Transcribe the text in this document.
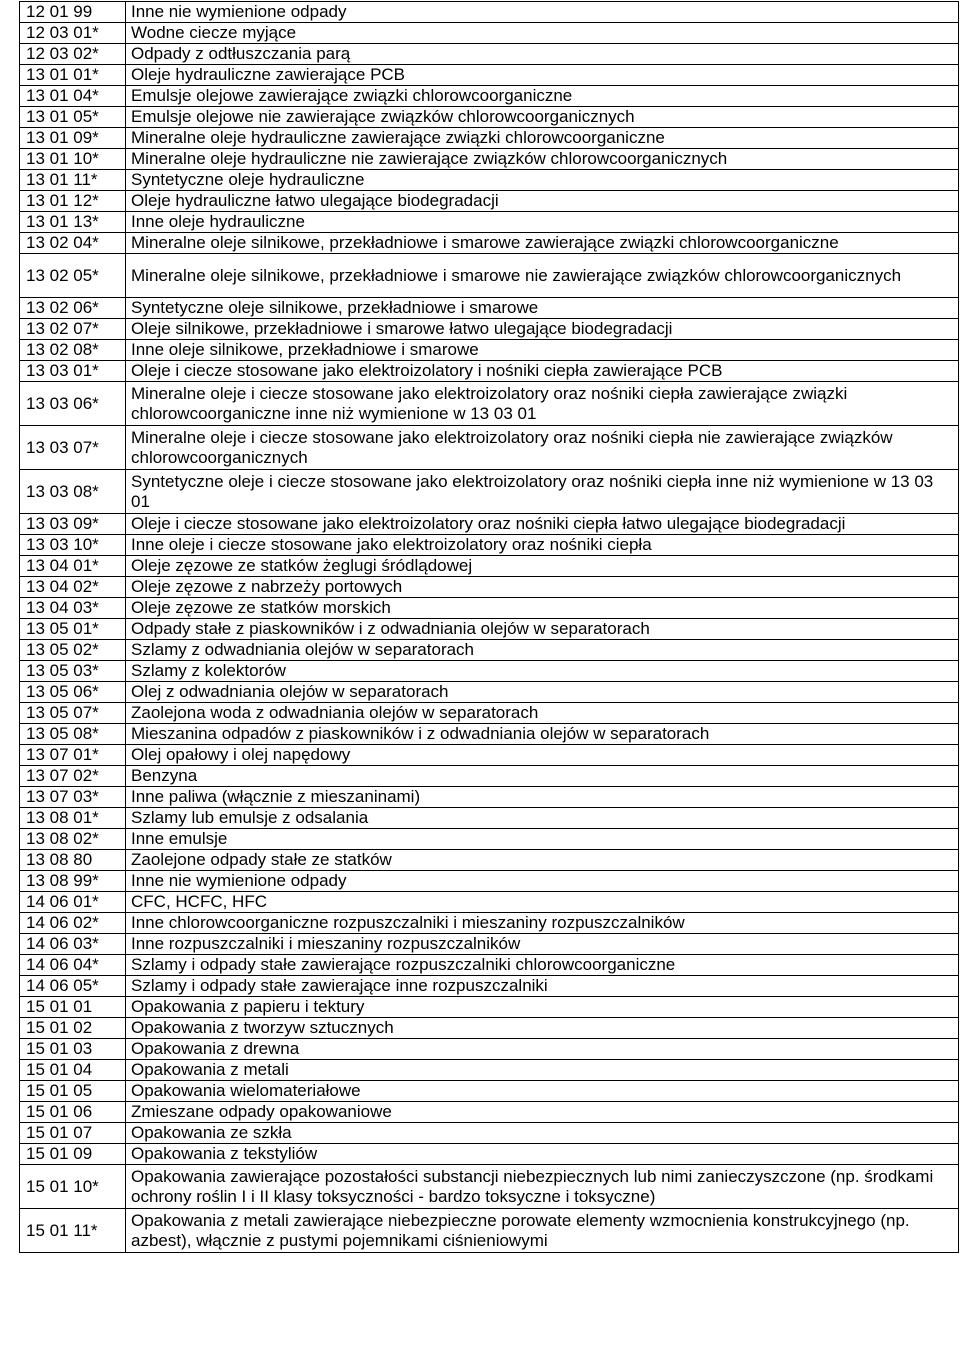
12 01 99	Inne nie wymienione odpady
12 03 01*	Wodne ciecze myjące
12 03 02*	Odpady z odtłuszczania parą
13 01 01*	Oleje hydrauliczne zawierające PCB
13 01 04*	Emulsje olejowe zawierające związki chlorowcoorganiczne
13 01 05*	Emulsje olejowe nie zawierające związków chlorowcoorganicznych
13 01 09*	Mineralne oleje hydrauliczne zawierające związki chlorowcoorganiczne
13 01 10*	Mineralne oleje hydrauliczne nie zawierające związków chlorowcoorganicznych
13 01 11*	Syntetyczne oleje hydrauliczne
13 01 12*	Oleje hydrauliczne łatwo ulegające biodegradacji
13 01 13*	Inne oleje hydrauliczne
13 02 04*	Mineralne oleje silnikowe, przekładniowe i smarowe zawierające związki chlorowcoorganiczne
13 02 05*	Mineralne oleje silnikowe, przekładniowe i smarowe nie zawierające związków chlorowcoorganicznych
13 02 06*	Syntetyczne oleje silnikowe, przekładniowe i smarowe
13 02 07*	Oleje silnikowe, przekładniowe i smarowe łatwo ulegające biodegradacji
13 02 08*	Inne oleje silnikowe, przekładniowe i smarowe
13 03 01*	Oleje i ciecze stosowane jako elektroizolatory i nośniki ciepła zawierające PCB
13 03 06*	Mineralne oleje i ciecze stosowane jako elektroizolatory oraz nośniki ciepła zawierające związki chlorowcoorganiczne inne niż wymienione w 13 03 01
13 03 07*	Mineralne oleje i ciecze stosowane jako elektroizolatory oraz nośniki ciepła nie zawierające związków chlorowcoorganicznych
13 03 08*	Syntetyczne oleje i ciecze stosowane jako elektroizolatory oraz nośniki ciepła inne niż wymienione w 13 03 01
13 03 09*	Oleje i ciecze stosowane jako elektroizolatory oraz nośniki ciepła łatwo ulegające biodegradacji
13 03 10*	Inne oleje i ciecze stosowane jako elektroizolatory oraz nośniki ciepła
13 04 01*	Oleje zęzowe ze statków żeglugi śródlądowej
13 04 02*	Oleje zęzowe z nabrzeży portowych
13 04 03*	Oleje zęzowe ze statków morskich
13 05 01*	Odpady stałe z piaskowników i z odwadniania olejów w separatorach
13 05 02*	Szlamy z odwadniania olejów w separatorach
13 05 03*	Szlamy z kolektorów
13 05 06*	Olej z odwadniania olejów w separatorach
13 05 07*	Zaolejona woda z odwadniania olejów w separatorach
13 05 08*	Mieszanina odpadów z piaskowników i z odwadniania olejów w separatorach
13 07 01*	Olej opałowy i olej napędowy
13 07 02*	Benzyna
13 07 03*	Inne paliwa (włącznie z mieszaninami)
13 08 01*	Szlamy lub emulsje z odsalania
13 08 02*	Inne emulsje
13 08 80	Zaolejone odpady stałe ze statków
13 08 99*	Inne nie wymienione odpady
14 06 01*	CFC, HCFC, HFC
14 06 02*	Inne chlorowcoorganiczne rozpuszczalniki i mieszaniny rozpuszczalników
14 06 03*	Inne rozpuszczalniki i mieszaniny rozpuszczalników
14 06 04*	Szlamy i odpady stałe zawierające rozpuszczalniki chlorowcoorganiczne
14 06 05*	Szlamy i odpady stałe zawierające inne rozpuszczalniki
15 01 01	Opakowania z papieru i tektury
15 01 02	Opakowania z tworzyw sztucznych
15 01 03	Opakowania z drewna
15 01 04	Opakowania z metali
15 01 05	Opakowania wielomateriałowe
15 01 06	Zmieszane odpady opakowaniowe
15 01 07	Opakowania ze szkła
15 01 09	Opakowania z tekstyliów
15 01 10*	Opakowania zawierające pozostałości substancji niebezpiecznych lub nimi zanieczyszczone (np. środkami ochrony roślin I i II klasy toksyczności - bardzo toksyczne i toksyczne)
15 01 11*	Opakowania z metali zawierające niebezpieczne porowate elementy wzmocnienia konstrukcyjnego (np. azbest), włącznie z pustymi pojemnikami ciśnieniowymi
